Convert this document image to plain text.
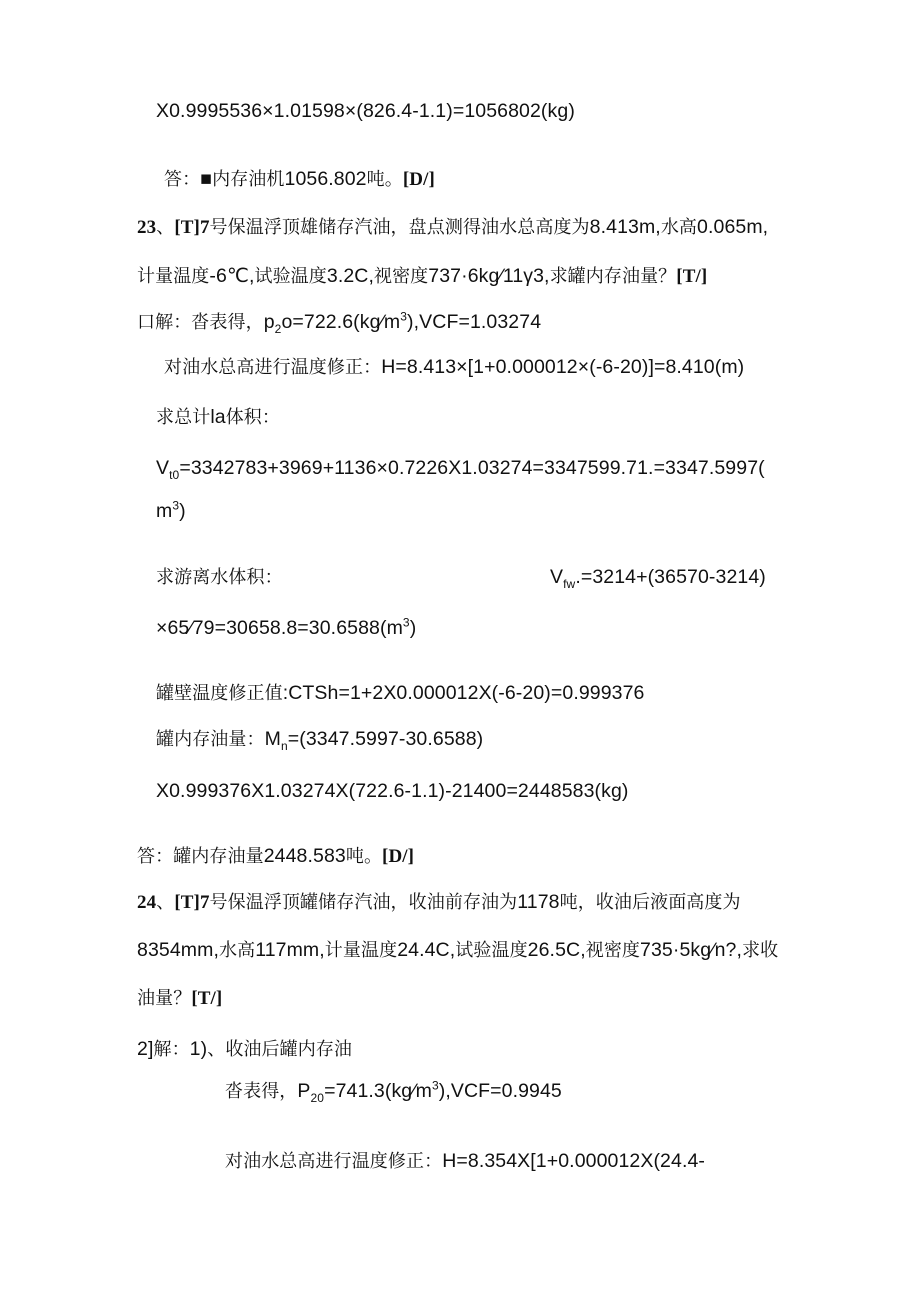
X0.9995536×1.01598×(826.4-1.1)=1056802(kg)
答：■内存油机1056.802吨。[D/]
23、[T]7号保温浮顶雄储存汽油，盘点测得油水总高度为8.413m,水高0.065m,
计量温度-6℃,试验温度3.2C,视密度737·6kg∕11γ3,求罐内存油量？[T/]
口解：沓表得，$p_2o=722.6(kg∕m^3),VCF=1.03274$
对油水总高进行温度修正：H=8.413×[1+0.000012×(-6-20)]=8.410(m)
求总计la体积：
$V_{t0}=3342783+3969+1136\times 0.7226X1.03274=3347599.71.=3347.5997$(
$m^3$)
求游离水体积：	$V_{fw}.=3214+(36570-3214)$
$\times 65∕79=30658.8=30.6588(m^3)$
罐壁温度修正值:CTSh=1+2X0.000012X(-6-20)=0.999376
罐内存油量：$M_n=(3347.5997-30.6588)$
X0.999376X1.03274X(722.6-1.1)-21400=2448583(kg)
答：罐内存油量2448.583吨。[D/]
24、[T]7号保温浮顶罐储存汽油，收油前存油为1178吨，收油后液面高度为
8354mm,水高117mm,计量温度24.4C,试验温度26.5C,视密度735·5kg∕n?,求收
油量？[T/]
2]解：1)、收油后罐内存油
沓表得，$P_{20}=741.3(kg∕m^3),VCF=0.9945$
对油水总高进行温度修正：H=8.354X[1+0.000012X(24.4-
